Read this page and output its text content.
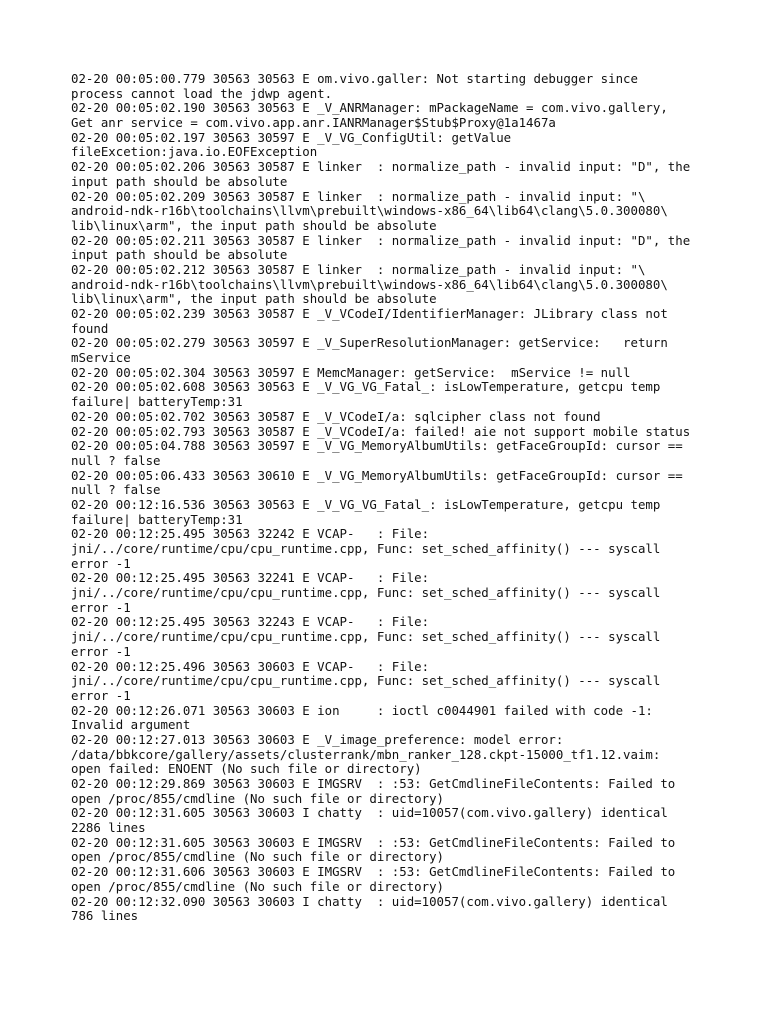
02-20 00:05:00.779 30563 30563 E om.vivo.galler: Not starting debugger since
process cannot load the jdwp agent.
02-20 00:05:02.190 30563 30563 E _V_ANRManager: mPackageName = com.vivo.gallery,
Get anr service = com.vivo.app.anr.IANRManager$Stub$Proxy@1a1467a
02-20 00:05:02.197 30563 30597 E _V_VG_ConfigUtil: getValue
fileExcetion:java.io.EOFException
02-20 00:05:02.206 30563 30587 E linker  : normalize_path - invalid input: "D", the
input path should be absolute
02-20 00:05:02.209 30563 30587 E linker  : normalize_path - invalid input: "\
android-ndk-r16b\toolchains\llvm\prebuilt\windows-x86_64\lib64\clang\5.0.300080\
lib\linux\arm", the input path should be absolute
02-20 00:05:02.211 30563 30587 E linker  : normalize_path - invalid input: "D", the
input path should be absolute
02-20 00:05:02.212 30563 30587 E linker  : normalize_path - invalid input: "\
android-ndk-r16b\toolchains\llvm\prebuilt\windows-x86_64\lib64\clang\5.0.300080\
lib\linux\arm", the input path should be absolute
02-20 00:05:02.239 30563 30587 E _V_VCodeI/IdentifierManager: JLibrary class not
found
02-20 00:05:02.279 30563 30597 E _V_SuperResolutionManager: getService:   return
mService
02-20 00:05:02.304 30563 30597 E MemcManager: getService:  mService != null
02-20 00:05:02.608 30563 30563 E _V_VG_VG_Fatal_: isLowTemperature, getcpu temp
failure| batteryTemp:31
02-20 00:05:02.702 30563 30587 E _V_VCodeI/a: sqlcipher class not found
02-20 00:05:02.793 30563 30587 E _V_VCodeI/a: failed! aie not support mobile status
02-20 00:05:04.788 30563 30597 E _V_VG_MemoryAlbumUtils: getFaceGroupId: cursor ==
null ? false
02-20 00:05:06.433 30563 30610 E _V_VG_MemoryAlbumUtils: getFaceGroupId: cursor ==
null ? false
02-20 00:12:16.536 30563 30563 E _V_VG_VG_Fatal_: isLowTemperature, getcpu temp
failure| batteryTemp:31
02-20 00:12:25.495 30563 32242 E VCAP-   : File:
jni/../core/runtime/cpu/cpu_runtime.cpp, Func: set_sched_affinity() --- syscall
error -1
02-20 00:12:25.495 30563 32241 E VCAP-   : File:
jni/../core/runtime/cpu/cpu_runtime.cpp, Func: set_sched_affinity() --- syscall
error -1
02-20 00:12:25.495 30563 32243 E VCAP-   : File:
jni/../core/runtime/cpu/cpu_runtime.cpp, Func: set_sched_affinity() --- syscall
error -1
02-20 00:12:25.496 30563 30603 E VCAP-   : File:
jni/../core/runtime/cpu/cpu_runtime.cpp, Func: set_sched_affinity() --- syscall
error -1
02-20 00:12:26.071 30563 30603 E ion     : ioctl c0044901 failed with code -1:
Invalid argument
02-20 00:12:27.013 30563 30603 E _V_image_preference: model error:
/data/bbkcore/gallery/assets/clusterrank/mbn_ranker_128.ckpt-15000_tf1.12.vaim:
open failed: ENOENT (No such file or directory)
02-20 00:12:29.869 30563 30603 E IMGSRV  : :53: GetCmdlineFileContents: Failed to
open /proc/855/cmdline (No such file or directory)
02-20 00:12:31.605 30563 30603 I chatty  : uid=10057(com.vivo.gallery) identical
2286 lines
02-20 00:12:31.605 30563 30603 E IMGSRV  : :53: GetCmdlineFileContents: Failed to
open /proc/855/cmdline (No such file or directory)
02-20 00:12:31.606 30563 30603 E IMGSRV  : :53: GetCmdlineFileContents: Failed to
open /proc/855/cmdline (No such file or directory)
02-20 00:12:32.090 30563 30603 I chatty  : uid=10057(com.vivo.gallery) identical
786 lines
